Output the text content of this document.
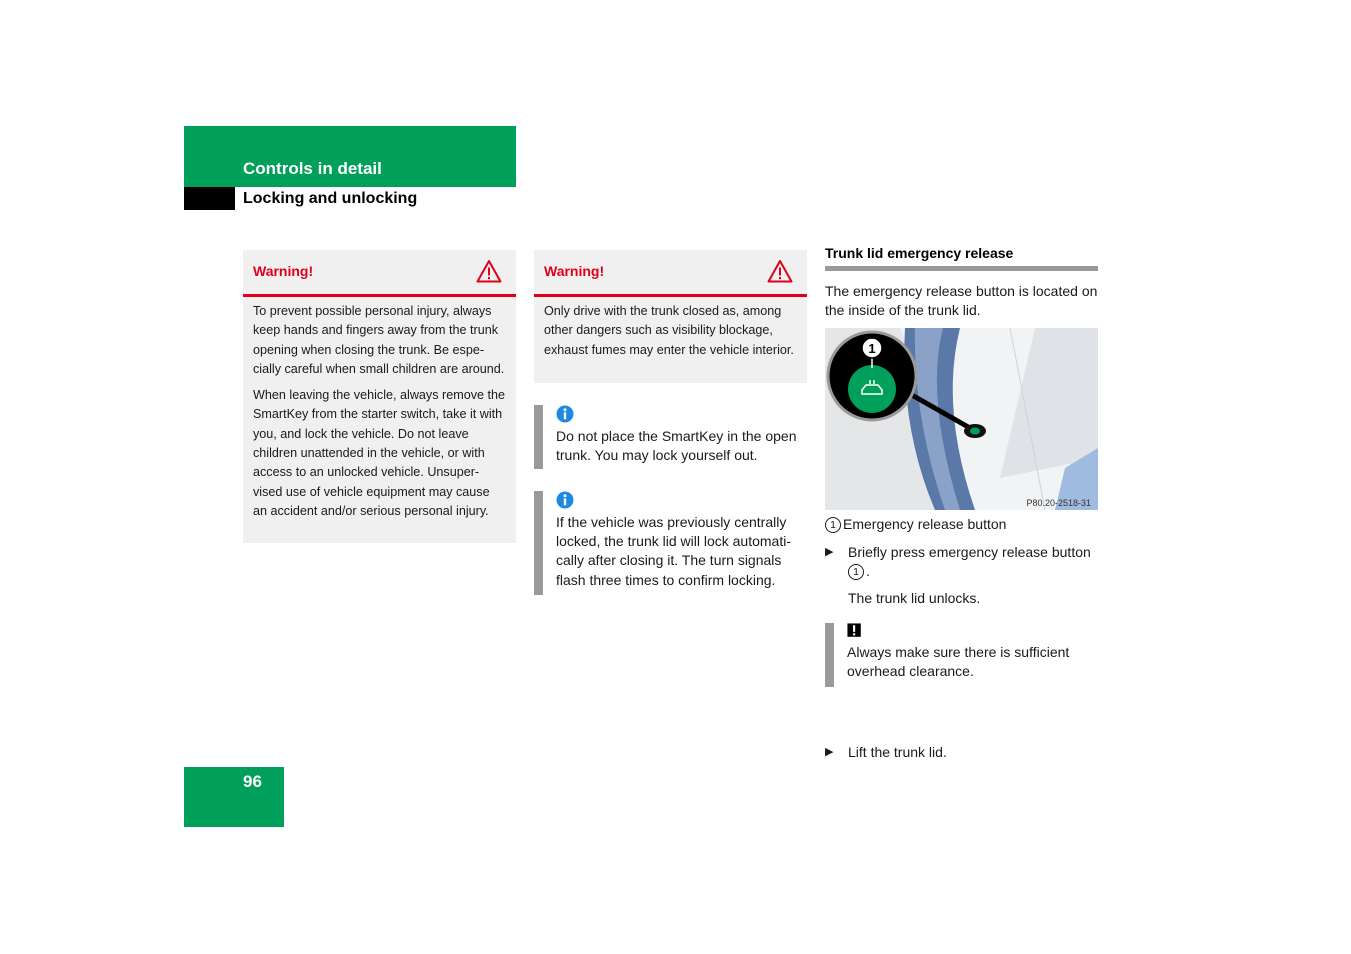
Controls in detail
Locking and unlocking
Warning!

To prevent possible personal injury, always keep hands and fingers away from the trunk opening when closing the trunk. Be espe-cially careful when small children are around.

When leaving the vehicle, always remove the SmartKey from the starter switch, take it with you, and lock the vehicle. Do not leave children unattended in the vehicle, or with access to an unlocked vehicle. Unsuper-vised use of vehicle equipment may cause an accident and/or serious personal injury.

Warning!

Only drive with the trunk closed as, among other dangers such as visibility blockage, exhaust fumes may enter the vehicle interior.

Do not place the SmartKey in the open trunk. You may lock yourself out.
If the vehicle was previously centrally locked, the trunk lid will lock automati-cally after closing it. The turn signals flash three times to confirm locking.
Trunk lid emergency release
The emergency release button is located on the inside of the trunk lid.
1
P80.20-2518-31
1 Emergency release button
▶ Briefly press emergency release button 1 .
The trunk lid unlocks.
Always make sure there is sufficient overhead clearance.
▶ Lift the trunk lid.
96
